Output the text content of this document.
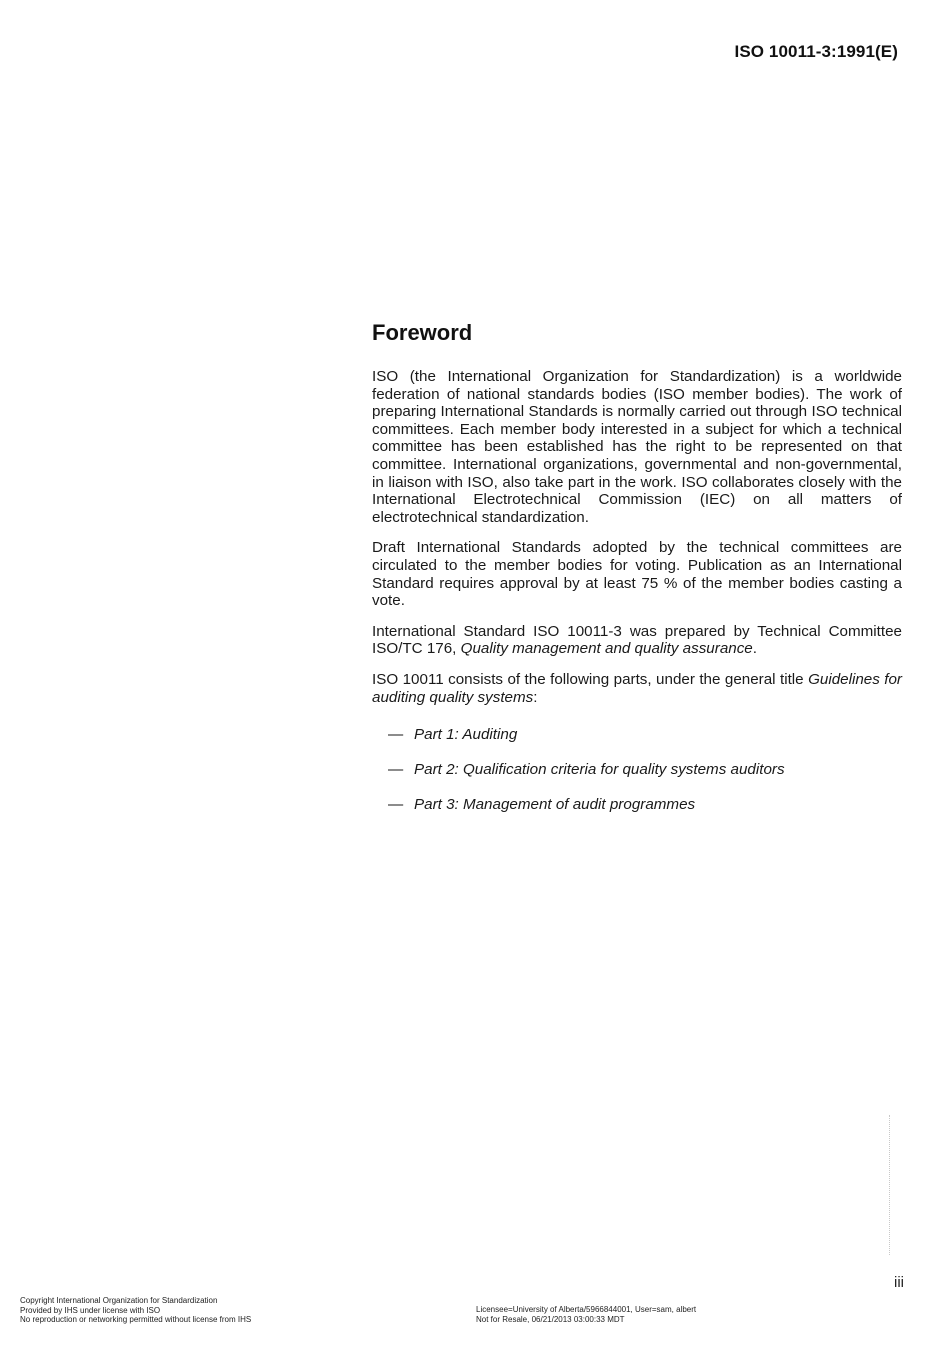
ISO 10011-3:1991(E)
Foreword

ISO (the International Organization for Standardization) is a worldwide federation of national standards bodies (ISO member bodies). The work of preparing International Standards is normally carried out through ISO technical committees. Each member body interested in a subject for which a technical committee has been established has the right to be represented on that committee. International organizations, governmental and non-governmental, in liaison with ISO, also take part in the work. ISO collaborates closely with the International Electrotechnical Commission (IEC) on all matters of electrotechnical standardization.

Draft International Standards adopted by the technical committees are circulated to the member bodies for voting. Publication as an International Standard requires approval by at least 75 % of the member bodies casting a vote.

International Standard ISO 10011-3 was prepared by Technical Committee ISO/TC 176, Quality management and quality assurance.

ISO 10011 consists of the following parts, under the general title Guidelines for auditing quality systems:

— Part 1: Auditing
— Part 2: Qualification criteria for quality systems auditors
— Part 3: Management of audit programmes
iii
Copyright International Organization for Standardization
Provided by IHS under license with ISO
No reproduction or networking permitted without license from IHS
Licensee=University of Alberta/5966844001, User=sam, albert
Not for Resale, 06/21/2013 03:00:33 MDT
